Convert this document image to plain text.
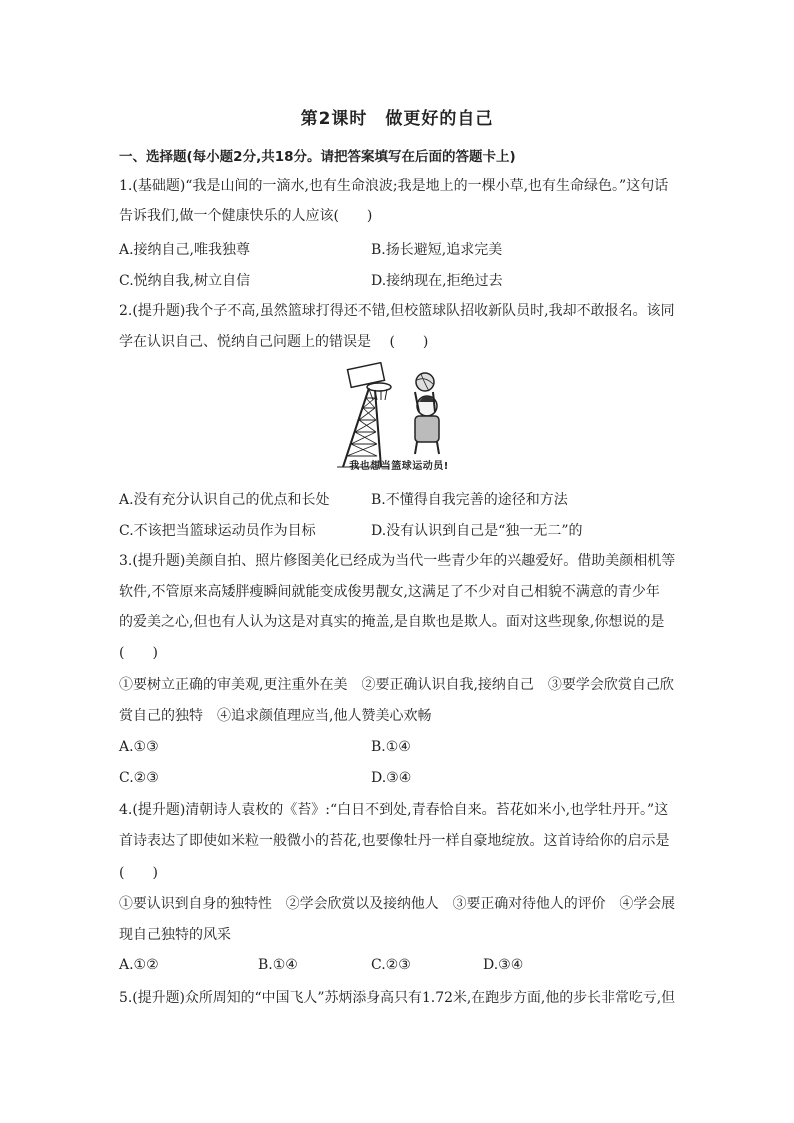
第2课时　做更好的自己
一、选择题(每小题2分,共18分。请把答案填写在后面的答题卡上)
1.(基础题)“我是山间的一滴水,也有生命浪波;我是地上的一棵小草,也有生命绿色。”这句话
告诉我们,做一个健康快乐的人应该(　　)
A.接纳自己,唯我独尊	B.扬长避短,追求完美
C.悦纳自我,树立自信	D.接纳现在,拒绝过去
2.(提升题)我个子不高,虽然篮球打得还不错,但校篮球队招收新队员时,我却不敢报名。该同
学在认识自己、悦纳自己问题上的错误是　 (　　)
我也想当篮球运动员!
A.没有充分认识自己的优点和长处	B.不懂得自我完善的途径和方法
C.不该把当篮球运动员作为目标	D.没有认识到自己是“独一无二”的
3.(提升题)美颜自拍、照片修图美化已经成为当代一些青少年的兴趣爱好。借助美颜相机等
软件,不管原来高矮胖瘦瞬间就能变成俊男靓女,这满足了不少对自己相貌不满意的青少年
的爱美之心,但也有人认为这是对真实的掩盖,是自欺也是欺人。面对这些现象,你想说的是
(　　)
①要树立正确的审美观,更注重外在美　②要正确认识自我,接纳自己　③要学会欣赏自己欣
赏自己的独特　④追求颜值理应当,他人赞美心欢畅
A.①③	B.①④
C.②③	D.③④
4.(提升题)清朝诗人袁枚的《苔》:“白日不到处,青春恰自来。苔花如米小,也学牡丹开。”这
首诗表达了即使如米粒一般微小的苔花,也要像牡丹一样自豪地绽放。这首诗给你的启示是
(　　)
①要认识到自身的独特性　②学会欣赏以及接纳他人　③要正确对待他人的评价　④学会展
现自己独特的风采
A.①②	B.①④	C.②③	D.③④
5.(提升题)众所周知的“中国飞人”苏炳添身高只有1.72米,在跑步方面,他的步长非常吃亏,但
